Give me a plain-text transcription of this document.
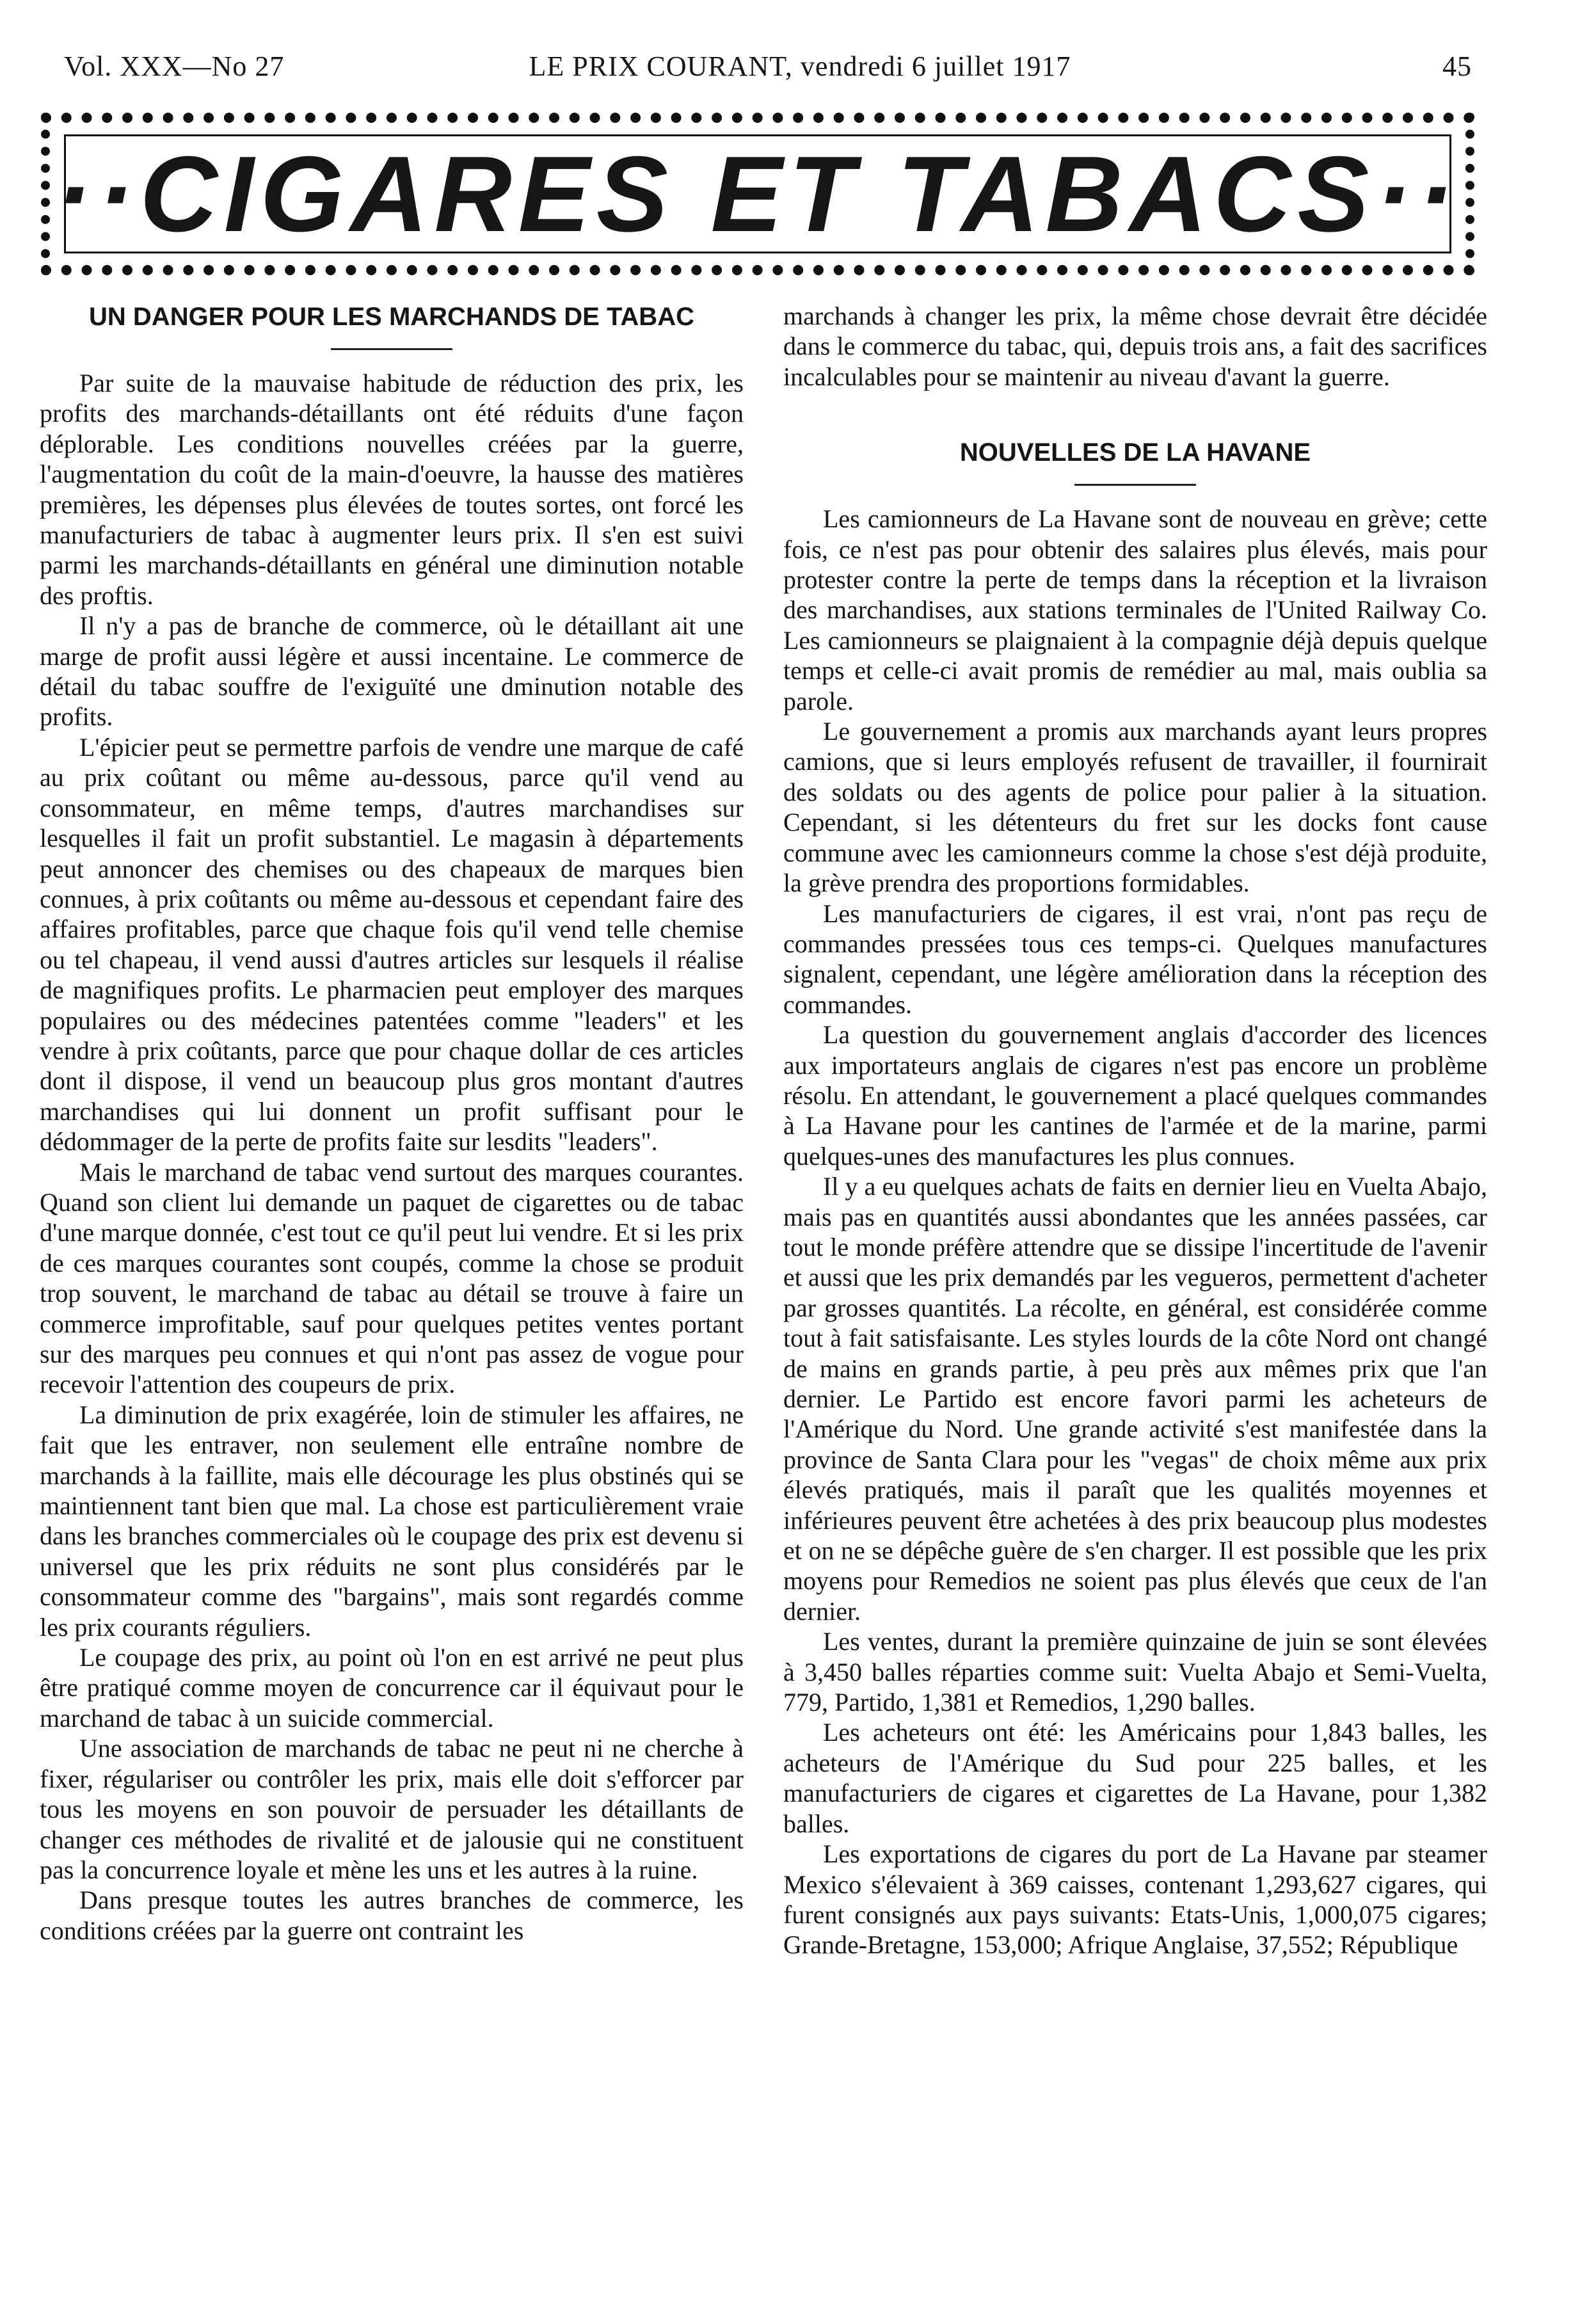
Vol. XXX—No 27	LE PRIX COURANT, vendredi 6 juillet 1917	45
··CIGARES ET TABACS··
UN DANGER POUR LES MARCHANDS DE TABAC

Par suite de la mauvaise habitude de réduction des prix, les profits des marchands-détaillants ont été réduits d'une façon déplorable. Les conditions nouvelles créées par la guerre, l'augmentation du coût de la main-d'oeuvre, la hausse des matières premières, les dépenses plus élevées de toutes sortes, ont forcé les manufacturiers de tabac à augmenter leurs prix. Il s'en est suivi parmi les marchands-détaillants en général une diminution notable des proftis.

Il n'y a pas de branche de commerce, où le détaillant ait une marge de profit aussi légère et aussi incentaine. Le commerce de détail du tabac souffre de l'exiguïté une dminution notable des profits.

L'épicier peut se permettre parfois de vendre une marque de café au prix coûtant ou même au-dessous, parce qu'il vend au consommateur, en même temps, d'autres marchandises sur lesquelles il fait un profit substantiel. Le magasin à départements peut annoncer des chemises ou des chapeaux de marques bien connues, à prix coûtants ou même au-dessous et cependant faire des affaires profitables, parce que chaque fois qu'il vend telle chemise ou tel chapeau, il vend aussi d'autres articles sur lesquels il réalise de magnifiques profits. Le pharmacien peut employer des marques populaires ou des médecines patentées comme "leaders" et les vendre à prix coûtants, parce que pour chaque dollar de ces articles dont il dispose, il vend un beaucoup plus gros montant d'autres marchandises qui lui donnent un profit suffisant pour le dédommager de la perte de profits faite sur lesdits "leaders".

Mais le marchand de tabac vend surtout des marques courantes. Quand son client lui demande un paquet de cigarettes ou de tabac d'une marque donnée, c'est tout ce qu'il peut lui vendre. Et si les prix de ces marques courantes sont coupés, comme la chose se produit trop souvent, le marchand de tabac au détail se trouve à faire un commerce improfitable, sauf pour quelques petites ventes portant sur des marques peu connues et qui n'ont pas assez de vogue pour recevoir l'attention des coupeurs de prix.

La diminution de prix exagérée, loin de stimuler les affaires, ne fait que les entraver, non seulement elle entraîne nombre de marchands à la faillite, mais elle décourage les plus obstinés qui se maintiennent tant bien que mal. La chose est particulièrement vraie dans les branches commerciales où le coupage des prix est devenu si universel que les prix réduits ne sont plus considérés par le consommateur comme des "bargains", mais sont regardés comme les prix courants réguliers.

Le coupage des prix, au point où l'on en est arrivé ne peut plus être pratiqué comme moyen de concurrence car il équivaut pour le marchand de tabac à un suicide commercial.

Une association de marchands de tabac ne peut ni ne cherche à fixer, régulariser ou contrôler les prix, mais elle doit s'efforcer par tous les moyens en son pouvoir de persuader les détaillants de changer ces méthodes de rivalité et de jalousie qui ne constituent pas la concurrence loyale et mène les uns et les autres à la ruine.

Dans presque toutes les autres branches de commerce, les conditions créées par la guerre ont contraint les

marchands à changer les prix, la même chose devrait être décidée dans le commerce du tabac, qui, depuis trois ans, a fait des sacrifices incalculables pour se maintenir au niveau d'avant la guerre.

NOUVELLES DE LA HAVANE

Les camionneurs de La Havane sont de nouveau en grève; cette fois, ce n'est pas pour obtenir des salaires plus élevés, mais pour protester contre la perte de temps dans la réception et la livraison des marchandises, aux stations terminales de l'United Railway Co. Les camionneurs se plaignaient à la compagnie déjà depuis quelque temps et celle-ci avait promis de remédier au mal, mais oublia sa parole.

Le gouvernement a promis aux marchands ayant leurs propres camions, que si leurs employés refusent de travailler, il fournirait des soldats ou des agents de police pour palier à la situation. Cependant, si les détenteurs du fret sur les docks font cause commune avec les camionneurs comme la chose s'est déjà produite, la grève prendra des proportions formidables.

Les manufacturiers de cigares, il est vrai, n'ont pas reçu de commandes pressées tous ces temps-ci. Quelques manufactures signalent, cependant, une légère amélioration dans la réception des commandes.

La question du gouvernement anglais d'accorder des licences aux importateurs anglais de cigares n'est pas encore un problème résolu. En attendant, le gouvernement a placé quelques commandes à La Havane pour les cantines de l'armée et de la marine, parmi quelques-unes des manufactures les plus connues.

Il y a eu quelques achats de faits en dernier lieu en Vuelta Abajo, mais pas en quantités aussi abondantes que les années passées, car tout le monde préfère attendre que se dissipe l'incertitude de l'avenir et aussi que les prix demandés par les vegueros, permettent d'acheter par grosses quantités. La récolte, en général, est considérée comme tout à fait satisfaisante. Les styles lourds de la côte Nord ont changé de mains en grands partie, à peu près aux mêmes prix que l'an dernier. Le Partido est encore favori parmi les acheteurs de l'Amérique du Nord. Une grande activité s'est manifestée dans la province de Santa Clara pour les "vegas" de choix même aux prix élevés pratiqués, mais il paraît que les qualités moyennes et inférieures peuvent être achetées à des prix beaucoup plus modestes et on ne se dépêche guère de s'en charger. Il est possible que les prix moyens pour Remedios ne soient pas plus élevés que ceux de l'an dernier.

Les ventes, durant la première quinzaine de juin se sont élevées à 3,450 balles réparties comme suit: Vuelta Abajo et Semi-Vuelta, 779, Partido, 1,381 et Remedios, 1,290 balles.

Les acheteurs ont été: les Américains pour 1,843 balles, les acheteurs de l'Amérique du Sud pour 225 balles, et les manufacturiers de cigares et cigarettes de La Havane, pour 1,382 balles.

Les exportations de cigares du port de La Havane par steamer Mexico s'élevaient à 369 caisses, contenant 1,293,627 cigares, qui furent consignés aux pays suivants: Etats-Unis, 1,000,075 cigares; Grande-Bretagne, 153,000; Afrique Anglaise, 37,552; République
